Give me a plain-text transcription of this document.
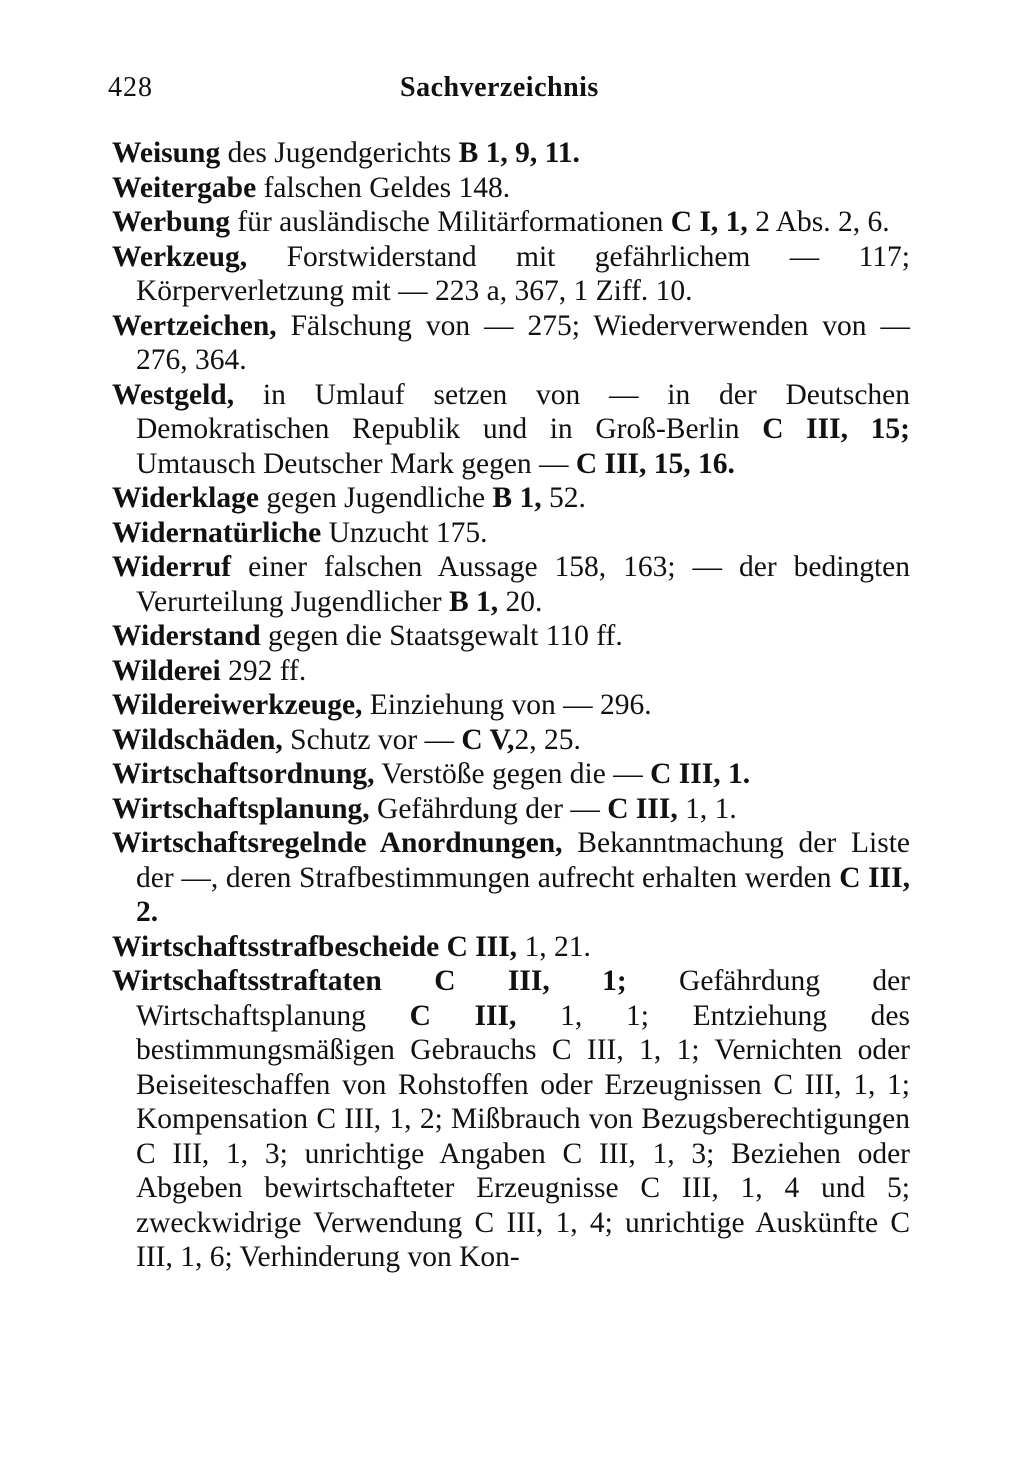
428	Sachverzeichnis

Weisung des Jugendgerichts B 1, 9, 11.

Weitergabe falschen Geldes 148.

Werbung für ausländische Militärformationen C I, 1, 2 Abs. 2, 6.

Werkzeug, Forstwiderstand mit gefährlichem — 117; Körperverletzung mit — 223 a, 367, 1 Ziff. 10.

Wertzeichen, Fälschung von — 275; Wiederverwenden von — 276, 364.

Westgeld, in Umlauf setzen von — in der Deutschen Demokratischen Republik und in Groß-Berlin C III, 15; Umtausch Deutscher Mark gegen — C III, 15, 16.

Widerklage gegen Jugendliche B 1, 52.

Widernatürliche Unzucht 175.

Widerruf einer falschen Aussage 158, 163; — der bedingten Verurteilung Jugendlicher B 1, 20.

Widerstand gegen die Staatsgewalt 110 ff.

Wilderei 292 ff.

Wildereiwerkzeuge, Einziehung von — 296.

Wildschäden, Schutz vor — C V,2, 25.

Wirtschaftsordnung, Verstöße gegen die — C III, 1.

Wirtschaftsplanung, Gefährdung der — C III, 1, 1.

Wirtschaftsregelnde Anordnungen, Bekanntmachung der Liste der —, deren Strafbestimmungen aufrecht erhalten werden C III, 2.

Wirtschaftsstrafbescheide C III, 1, 21.

Wirtschaftsstraftaten C III, 1; Gefährdung der Wirtschaftsplanung C III, 1, 1; Entziehung des bestimmungsmäßigen Gebrauchs C III, 1, 1; Vernichten oder Beiseiteschaffen von Rohstoffen oder Erzeugnissen C III, 1, 1; Kompensation C III, 1, 2; Mißbrauch von Bezugsberechtigungen C III, 1, 3; unrichtige Angaben C III, 1, 3; Beziehen oder Abgeben bewirtschafteter Erzeugnisse C III, 1, 4 und 5; zweckwidrige Verwendung C III, 1, 4; unrichtige Auskünfte C III, 1, 6; Verhinderung von Kon-
